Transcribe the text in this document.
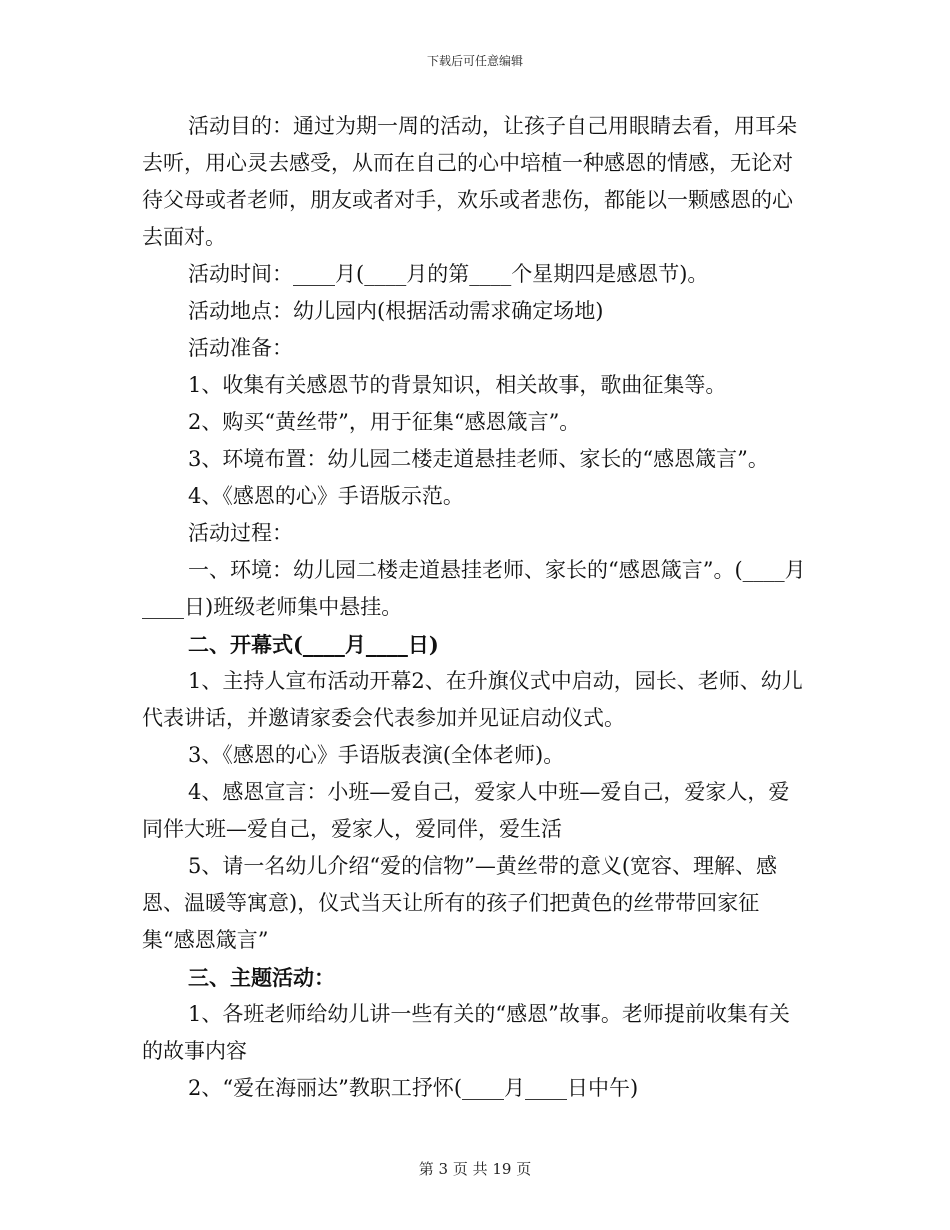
下载后可任意编辑

活动目的：通过为期一周的活动，让孩子自己用眼睛去看，用耳朵去听，用心灵去感受，从而在自己的心中培植一种感恩的情感，无论对待父母或者老师，朋友或者对手，欢乐或者悲伤，都能以一颗感恩的心去面对。

活动时间：____月(____月的第____个星期四是感恩节)。

活动地点：幼儿园内(根据活动需求确定场地)

活动准备：

1、收集有关感恩节的背景知识，相关故事，歌曲征集等。

2、购买“黄丝带”，用于征集“感恩箴言”。

3、环境布置：幼儿园二楼走道悬挂老师、家长的“感恩箴言”。

4、《感恩的心》手语版示范。

活动过程：

一、环境：幼儿园二楼走道悬挂老师、家长的“感恩箴言”。(____月____日)班级老师集中悬挂。

二、开幕式(____月____日)

1、主持人宣布活动开幕2、在升旗仪式中启动，园长、老师、幼儿代表讲话，并邀请家委会代表参加并见证启动仪式。

3、《感恩的心》手语版表演(全体老师)。

4、感恩宣言：小班—爱自己，爱家人中班—爱自己，爱家人，爱同伴大班—爱自己，爱家人，爱同伴，爱生活

5、请一名幼儿介绍“爱的信物”—黄丝带的意义(宽容、理解、感恩、温暖等寓意)，仪式当天让所有的孩子们把黄色的丝带带回家征集“感恩箴言”

三、主题活动：

1、各班老师给幼儿讲一些有关的“感恩”故事。老师提前收集有关的故事内容

2、“爱在海丽达”教职工抒怀(____月____日中午)

第 3 页 共 19 页
